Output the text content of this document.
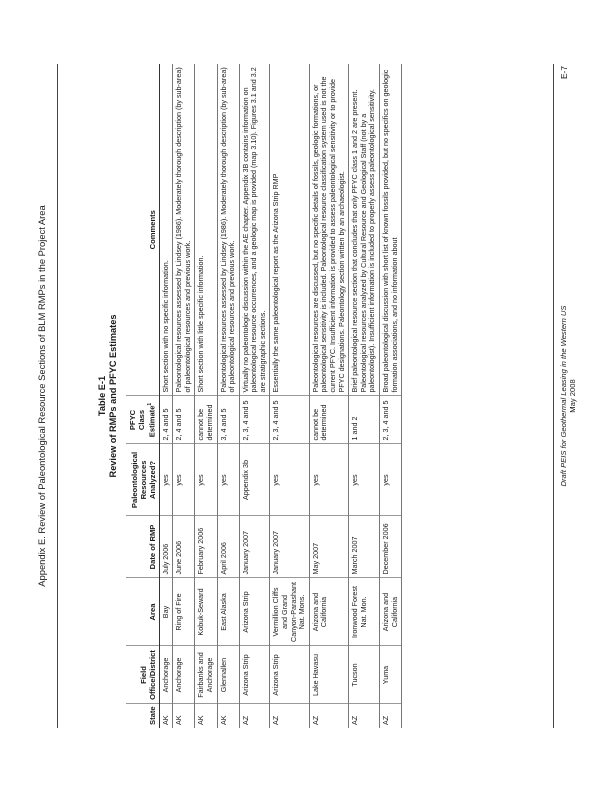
Appendix E. Review of Paleontological Resource Sections of BLM RMPs in the Project Area	Table E-1 Review of RMPs and PFYC Estimates
State	Field Office/District	Area	Date of RMP	Paleontological Resources Analyzed?	PFYC Class Estimate$^1$	Comments
AK	Anchorage	Bay	July 2006	yes	2, 4 and 5	Short section with no specific information.
AK	Anchorage	Ring of Fire	June 2006	yes	2, 4 and 5	Paleontological resources assessed by Lindsey (1986). Moderately thorough description (by sub-area) of paleontological resources and previous work.
AK	Fairbanks and Anchorage	Kobuk-Seward	February 2006	yes	cannot be determined	Short section with little specific information.
AK	Glennallen	East Alaska	April 2006	yes	3, 4 and 5	Paleontological resources assessed by Lindsey (1986). Moderately thorough description (by sub-area) of paleontological resources and previous work.
AZ	Arizona Strip	Arizona Strip	January 2007	Appendix 3b	2, 3, 4 and 5	Virtually no paleontologic discussion within the AE chapter. Appendix 3B contains information on paleontological resource occurrences, and a geologic map is provided (map 3.10). Figures 3.1 and 3.2 are stratigraphic sections.
AZ	Arizona Strip	Vermillion Cliffs and Grand Canyon-Parashant Nat. Mons.	January 2007	yes	2, 3, 4 and 5	Essentially the same paleontological report as the Arizona Strip RMP
AZ	Lake Havasu	Arizona and California	May 2007	yes	cannot be determined	Paleontological resources are discussed, but no specific details of fossils, geologic formations, or paleontological sensitivity is included. Paleontological resource classification system used is not the current PFYC. Insufficient information is provided to assess paleontological sensitivity or to provide PFYC designations. Paleontology section written by an archaeologist.
AZ	Tucson	Ironwood Forest Nat. Mon.	March 2007	yes	1 and 2	Brief paleontological resource section that concludes that only PFYC class 1 and 2 are present. Paleontological resources analyzed by Cultural Resource and Geological Staff (not by a paleontologist). Insufficient information is included to properly assess paleontological sensitivity.
AZ	Yuma	Arizona and California	December 2006	yes	2, 3, 4 and 5	Broad paleontological discussion with short list of known fossils provided, but no specifics on geologic formation associations, and no information about	Draft PEIS for Geothermal Leasing in the Western US May 2008
E-7
